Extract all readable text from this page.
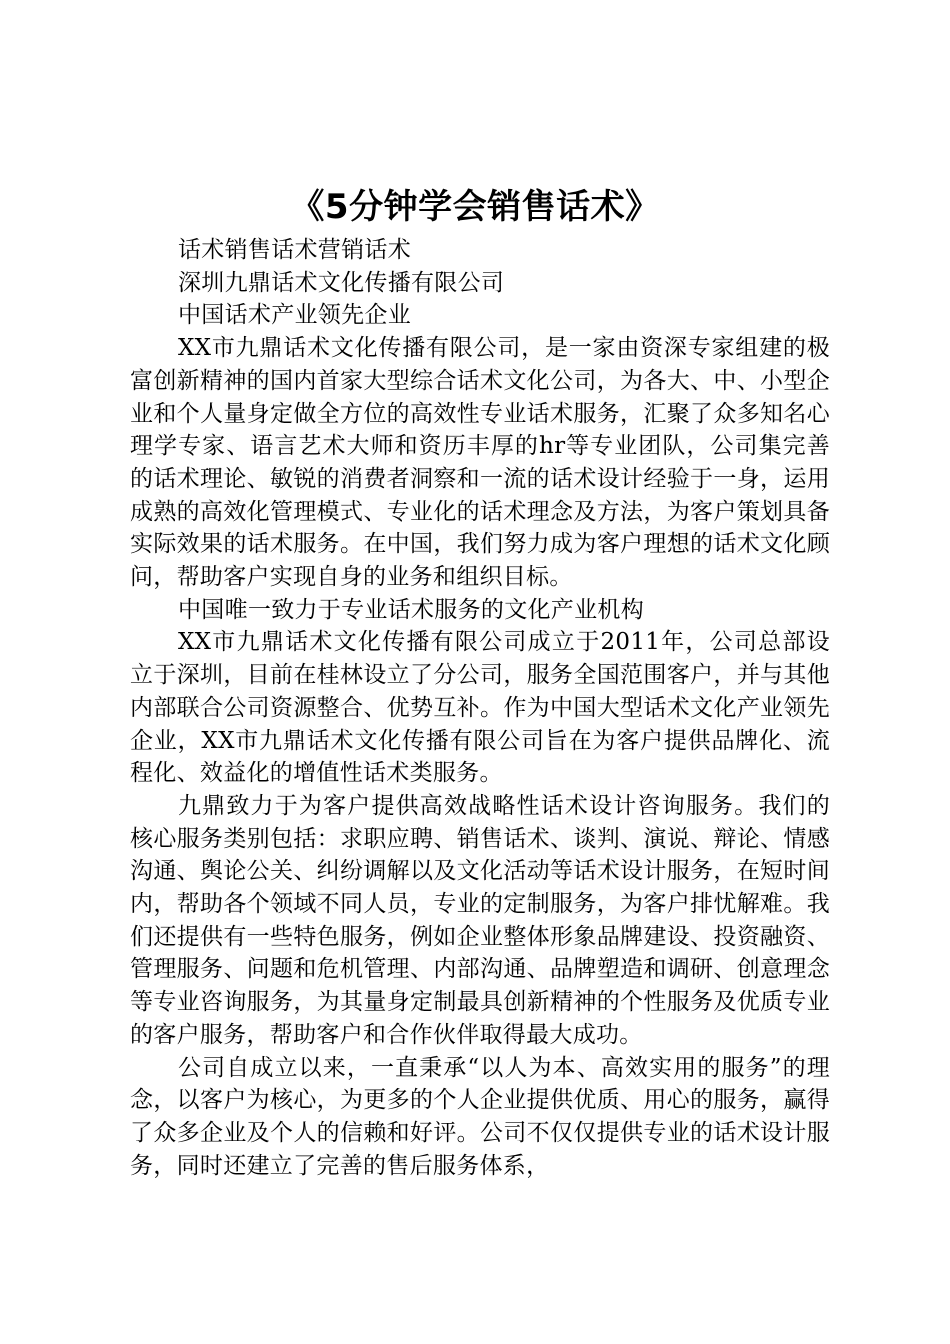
《5分钟学会销售话术》

话术销售话术营销话术

深圳九鼎话术文化传播有限公司

中国话术产业领先企业

XX市九鼎话术文化传播有限公司，是一家由资深专家组建的极富创新精神的国内首家大型综合话术文化公司，为各大、中、小型企业和个人量身定做全方位的高效性专业话术服务，汇聚了众多知名心理学专家、语言艺术大师和资历丰厚的hr等专业团队，公司集完善的话术理论、敏锐的消费者洞察和一流的话术设计经验于一身，运用成熟的高效化管理模式、专业化的话术理念及方法，为客户策划具备实际效果的话术服务。在中国，我们努力成为客户理想的话术文化顾问，帮助客户实现自身的业务和组织目标。

中国唯一致力于专业话术服务的文化产业机构

XX市九鼎话术文化传播有限公司成立于2011年，公司总部设立于深圳，目前在桂林设立了分公司，服务全国范围客户，并与其他内部联合公司资源整合、优势互补。作为中国大型话术文化产业领先企业，XX市九鼎话术文化传播有限公司旨在为客户提供品牌化、流程化、效益化的增值性话术类服务。

九鼎致力于为客户提供高效战略性话术设计咨询服务。我们的核心服务类别包括：求职应聘、销售话术、谈判、演说、辩论、情感沟通、舆论公关、纠纷调解以及文化活动等话术设计服务，在短时间内，帮助各个领域不同人员，专业的定制服务，为客户排忧解难。我们还提供有一些特色服务，例如企业整体形象品牌建设、投资融资、管理服务、问题和危机管理、内部沟通、品牌塑造和调研、创意理念等专业咨询服务，为其量身定制最具创新精神的个性服务及优质专业的客户服务，帮助客户和合作伙伴取得最大成功。

公司自成立以来，一直秉承“以人为本、高效实用的服务”的理念，以客户为核心，为更多的个人企业提供优质、用心的服务，赢得了众多企业及个人的信赖和好评。公司不仅仅提供专业的话术设计服务，同时还建立了完善的售后服务体系，
